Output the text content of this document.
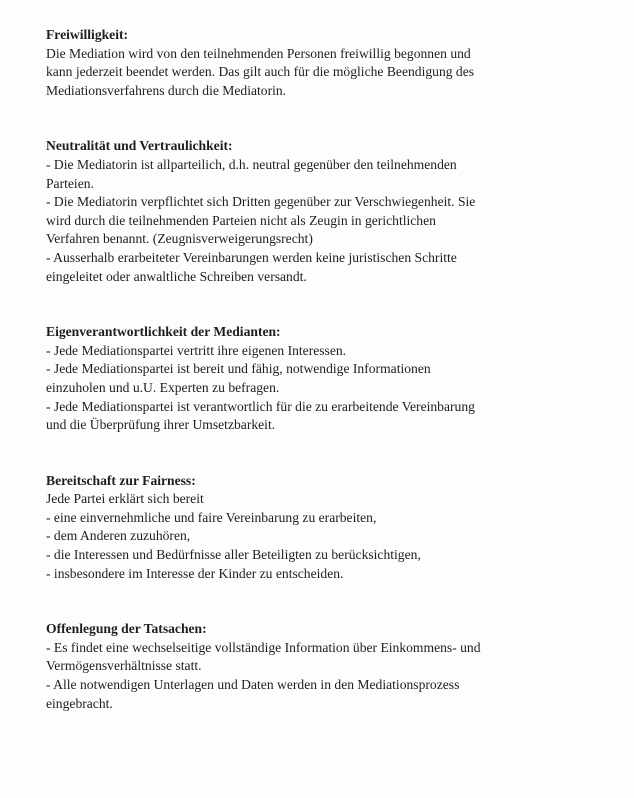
Freiwilligkeit:

Die Mediation wird von den teilnehmenden Personen freiwillig begonnen und

kann jederzeit beendet werden. Das gilt auch für die mögliche Beendigung des

Mediationsverfahrens durch die Mediatorin.

Neutralität und Vertraulichkeit:

- Die Mediatorin ist allparteilich, d.h. neutral gegenüber den teilnehmenden

Parteien.

- Die Mediatorin verpflichtet sich Dritten gegenüber zur Verschwiegenheit. Sie

wird durch die teilnehmenden Parteien nicht als Zeugin in gerichtlichen

Verfahren benannt. (Zeugnisverweigerungsrecht)

- Ausserhalb erarbeiteter Vereinbarungen werden keine juristischen Schritte

eingeleitet oder anwaltliche Schreiben versandt.

Eigenverantwortlichkeit der Medianten:

- Jede Mediationspartei vertritt ihre eigenen Interessen.

- Jede Mediationspartei ist bereit und fähig, notwendige Informationen

einzuholen und u.U. Experten zu befragen.

- Jede Mediationspartei ist verantwortlich für die zu erarbeitende Vereinbarung

und die Überprüfung ihrer Umsetzbarkeit.

Bereitschaft zur Fairness:

Jede Partei erklärt sich bereit

- eine einvernehmliche und faire Vereinbarung zu erarbeiten,

- dem Anderen zuzuhören,

- die Interessen und Bedürfnisse aller Beteiligten zu berücksichtigen,

- insbesondere im Interesse der Kinder zu entscheiden.

Offenlegung der Tatsachen:

- Es findet eine wechselseitige vollständige Information über Einkommens- und

Vermögensverhältnisse statt.

- Alle notwendigen Unterlagen und Daten werden in den Mediationsprozess

eingebracht.
